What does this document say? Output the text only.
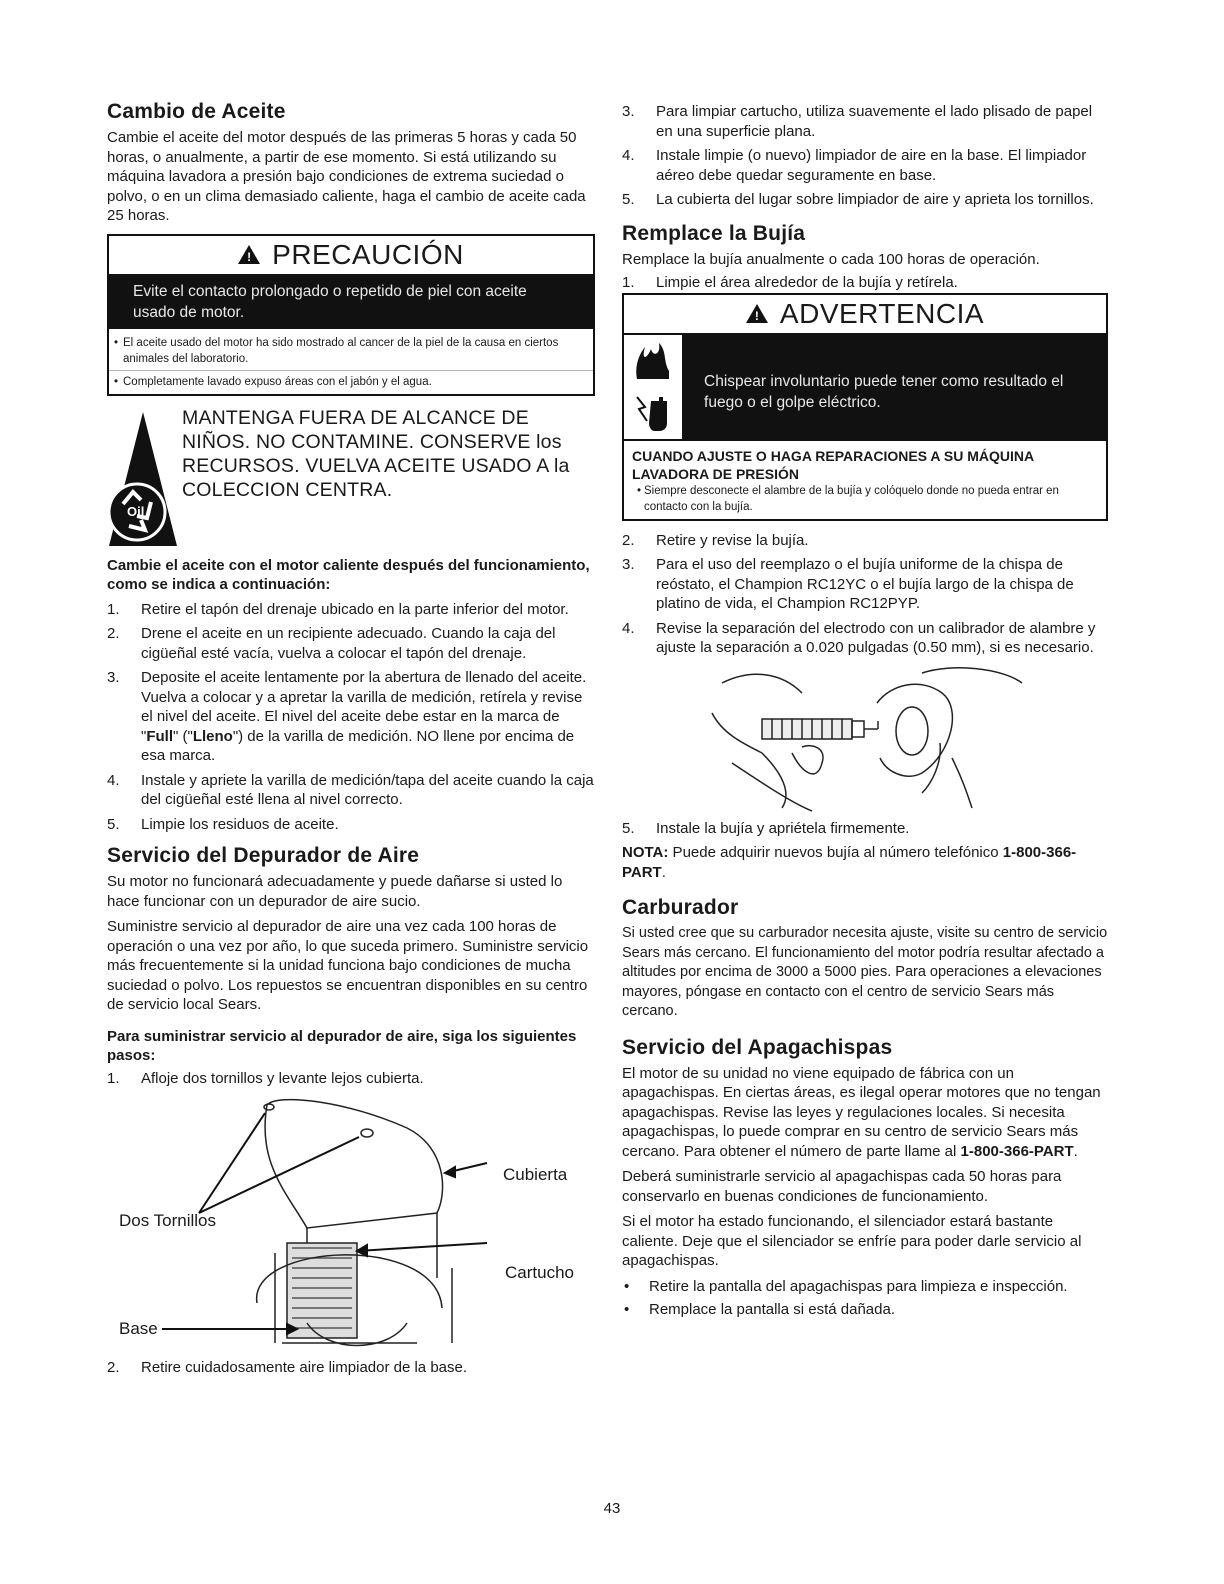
Cambio de Aceite

Cambie el aceite del motor después de las primeras 5 horas y cada 50 horas, o anualmente, a partir de ese momento. Si está utilizando su máquina lavadora a presión bajo condiciones de extrema suciedad o polvo, o en un clima demasiado caliente, haga el cambio de aceite cada 25 horas.

! PRECAUCIÓN
Evite el contacto prolongado o repetido de piel con aceite usado de motor.
• El aceite usado del motor ha sido mostrado al cancer de la piel de la causa en ciertos animales del laboratorio.
• Completamente lavado expuso áreas con el jabón y el agua.
Oil
MANTENGA FUERA DE ALCANCE DE NIÑOS. NO CONTAMINE. CONSERVE los RECURSOS. VUELVA ACEITE USADO A la COLECCION CENTRA.
Cambie el aceite con el motor caliente después del funcionamiento, como se indica a continuación:
1. Retire el tapón del drenaje ubicado en la parte inferior del motor.
2. Drene el aceite en un recipiente adecuado. Cuando la caja del cigüeñal esté vacía, vuelva a colocar el tapón del drenaje.
3. Deposite el aceite lentamente por la abertura de llenado del aceite. Vuelva a colocar y a apretar la varilla de medición, retírela y revise el nivel del aceite. El nivel del aceite debe estar en la marca de "Full" ("Lleno") de la varilla de medición. NO llene por encima de esa marca.
4. Instale y apriete la varilla de medición/tapa del aceite cuando la caja del cigüeñal esté llena al nivel correcto.
5. Limpie los residuos de aceite.
Servicio del Depurador de Aire

Su motor no funcionará adecuadamente y puede dañarse si usted lo hace funcionar con un depurador de aire sucio.

Suministre servicio al depurador de aire una vez cada 100 horas de operación o una vez por año, lo que suceda primero. Suministre servicio más frecuentemente si la unidad funciona bajo condiciones de mucha suciedad o polvo. Los repuestos se encuentran disponibles en su centro de servicio local Sears.

Para suministrar servicio al depurador de aire, siga los siguientes pasos:
1. Afloje dos tornillos y levante lejos cubierta.
Cubierta
Dos Tornillos
Cartucho
Base
2. Retire cuidadosamente aire limpiador de la base.
3. Para limpiar cartucho, utiliza suavemente el lado plisado de papel en una superficie plana.
4. Instale limpie (o nuevo) limpiador de aire en la base. El limpiador aéreo debe quedar seguramente en base.
5. La cubierta del lugar sobre limpiador de aire y aprieta los tornillos.
Remplace la Bujía

Remplace la bujía anualmente o cada 100 horas de operación.

1. Limpie el área alrededor de la bujía y retírela.
! ADVERTENCIA
Chispear involuntario puede tener como resultado el fuego o el golpe eléctrico.
CUANDO AJUSTE O HAGA REPARACIONES A SU MÁQUINA LAVADORA DE PRESIÓN
• Siempre desconecte el alambre de la bujía y colóquelo donde no pueda entrar en contacto con la bujía.
2. Retire y revise la bujía.
3. Para el uso del reemplazo o el bujía uniforme de la chispa de reóstato, el Champion RC12YC o el bujía largo de la chispa de platino de vida, el Champion RC12PYP.
4. Revise la separación del electrodo con un calibrador de alambre y ajuste la separación a 0.020 pulgadas (0.50 mm), si es necesario.
5. Instale la bujía y apriételа firmemente.

NOTA: Puede adquirir nuevos bujía al número telefónico 1-800-366-PART.

Carburador

Si usted cree que su carburador necesita ajuste, visite su centro de servicio Sears más cercano. El funcionamiento del motor podría resultar afectado a altitudes por encima de 3000 a 5000 pies. Para operaciones a elevaciones mayores, póngase en contacto con el centro de servicio Sears más cercano.

Servicio del Apagachispas

El motor de su unidad no viene equipado de fábrica con un apagachispas. En ciertas áreas, es ilegal operar motores que no tengan apagachispas. Revise las leyes y regulaciones locales. Si necesita apagachispas, lo puede comprar en su centro de servicio Sears más cercano. Para obtener el número de parte llame al 1-800-366-PART.

Deberá suministrarle servicio al apagachispas cada 50 horas para conservarlo en buenas condiciones de funcionamiento.

Si el motor ha estado funcionando, el silenciador estará bastante caliente. Deje que el silenciador se enfríe para poder darle servicio al apagachispas.

• Retire la pantalla del apagachispas para limpieza e inspección.
• Remplace la pantalla si está dañada.
43
